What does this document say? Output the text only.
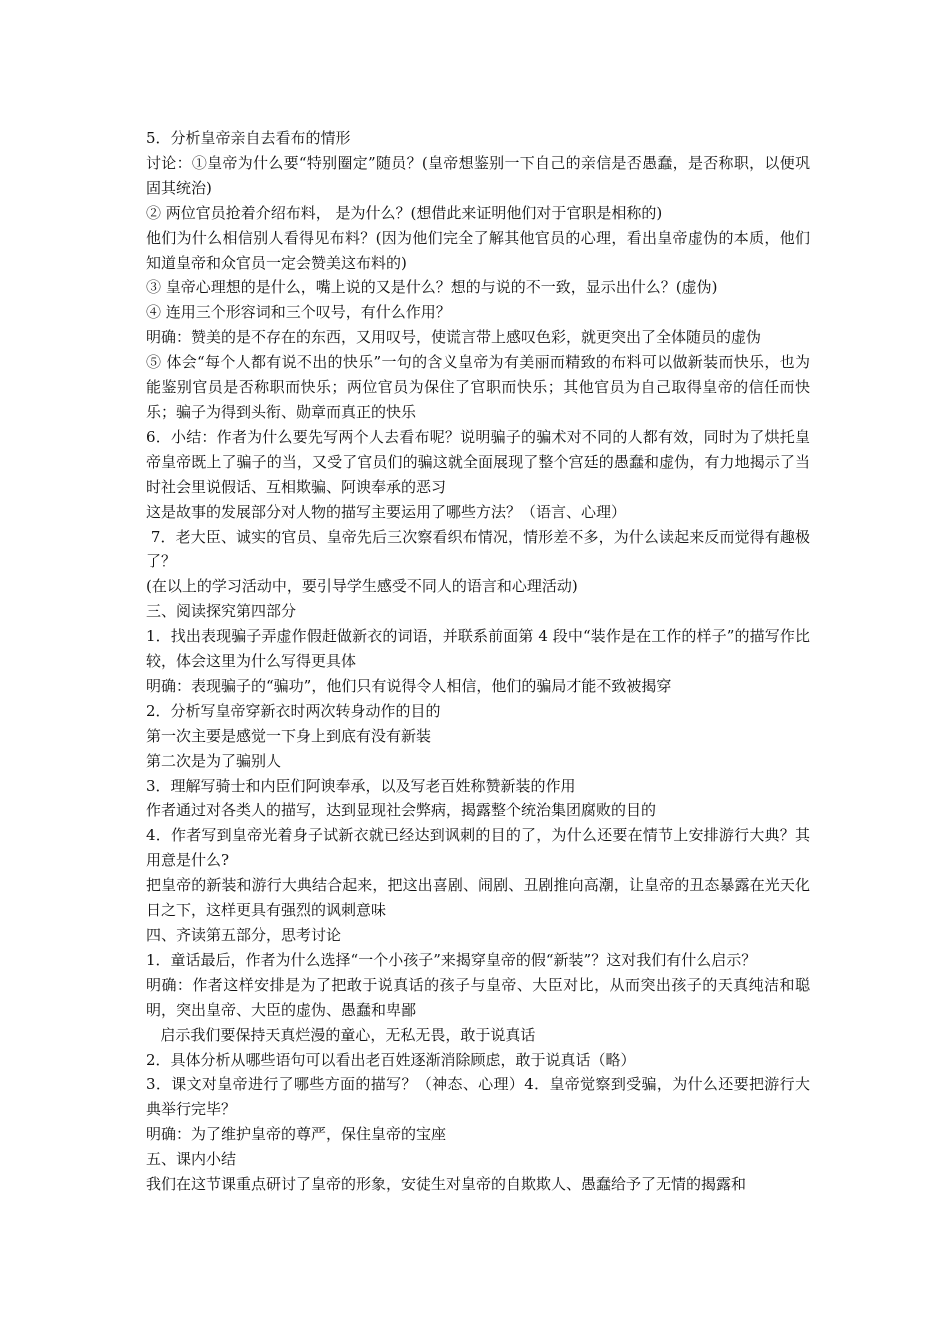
5．分析皇帝亲自去看布的情形

讨论：①皇帝为什么要“特别圈定”随员？(皇帝想鉴别一下自己的亲信是否愚蠢，是否称职，以便巩固其统治)

② 两位官员抢着介绍布料， 是为什么？(想借此来证明他们对于官职是相称的)

他们为什么相信别人看得见布料？(因为他们完全了解其他官员的心理，看出皇帝虚伪的本质，他们知道皇帝和众官员一定会赞美这布料的)

③ 皇帝心理想的是什么，嘴上说的又是什么？想的与说的不一致，显示出什么？(虚伪)

④ 连用三个形容词和三个叹号，有什么作用？

明确：赞美的是不存在的东西，又用叹号，使谎言带上感叹色彩，就更突出了全体随员的虚伪

⑤ 体会“每个人都有说不出的快乐”一句的含义皇帝为有美丽而精致的布料可以做新装而快乐，也为能鉴别官员是否称职而快乐；两位官员为保住了官职而快乐；其他官员为自己取得皇帝的信任而快乐；骗子为得到头衔、勋章而真正的快乐

6．小结：作者为什么要先写两个人去看布呢？说明骗子的骗术对不同的人都有效，同时为了烘托皇帝皇帝既上了骗子的当，又受了官员们的骗这就全面展现了整个宫廷的愚蠢和虚伪，有力地揭示了当时社会里说假话、互相欺骗、阿谀奉承的恶习

这是故事的发展部分对人物的描写主要运用了哪些方法？（语言、心理）

7．老大臣、诚实的官员、皇帝先后三次察看织布情况，情形差不多，为什么读起来反而觉得有趣极了？

(在以上的学习活动中，要引导学生感受不同人的语言和心理活动)

三、阅读探究第四部分

1．找出表现骗子弄虚作假赶做新衣的词语，并联系前面第 4 段中“装作是在工作的样子”的描写作比较，体会这里为什么写得更具体

明确：表现骗子的“骗功”，他们只有说得令人相信，他们的骗局才能不致被揭穿

2．分析写皇帝穿新衣时两次转身动作的目的

第一次主要是感觉一下身上到底有没有新装

第二次是为了骗别人

3．理解写骑士和内臣们阿谀奉承，以及写老百姓称赞新装的作用

作者通过对各类人的描写，达到显现社会弊病，揭露整个统治集团腐败的目的

4．作者写到皇帝光着身子试新衣就已经达到讽刺的目的了，为什么还要在情节上安排游行大典？其用意是什么?

把皇帝的新装和游行大典结合起来，把这出喜剧、闹剧、丑剧推向高潮，让皇帝的丑态暴露在光天化日之下，这样更具有强烈的讽刺意味

四、齐读第五部分，思考讨论

1．童话最后，作者为什么选择“一个小孩子”来揭穿皇帝的假“新装”？这对我们有什么启示？

明确：作者这样安排是为了把敢于说真话的孩子与皇帝、大臣对比，从而突出孩子的天真纯洁和聪明，突出皇帝、大臣的虚伪、愚蠢和卑鄙

启示我们要保持天真烂漫的童心，无私无畏，敢于说真话

2．具体分析从哪些语句可以看出老百姓逐渐消除顾虑，敢于说真话（略）

3．课文对皇帝进行了哪些方面的描写？（神态、心理）4．皇帝觉察到受骗，为什么还要把游行大典举行完毕？

明确：为了维护皇帝的尊严，保住皇帝的宝座

五、课内小结

我们在这节课重点研讨了皇帝的形象，安徒生对皇帝的自欺欺人、愚蠢给予了无情的揭露和
